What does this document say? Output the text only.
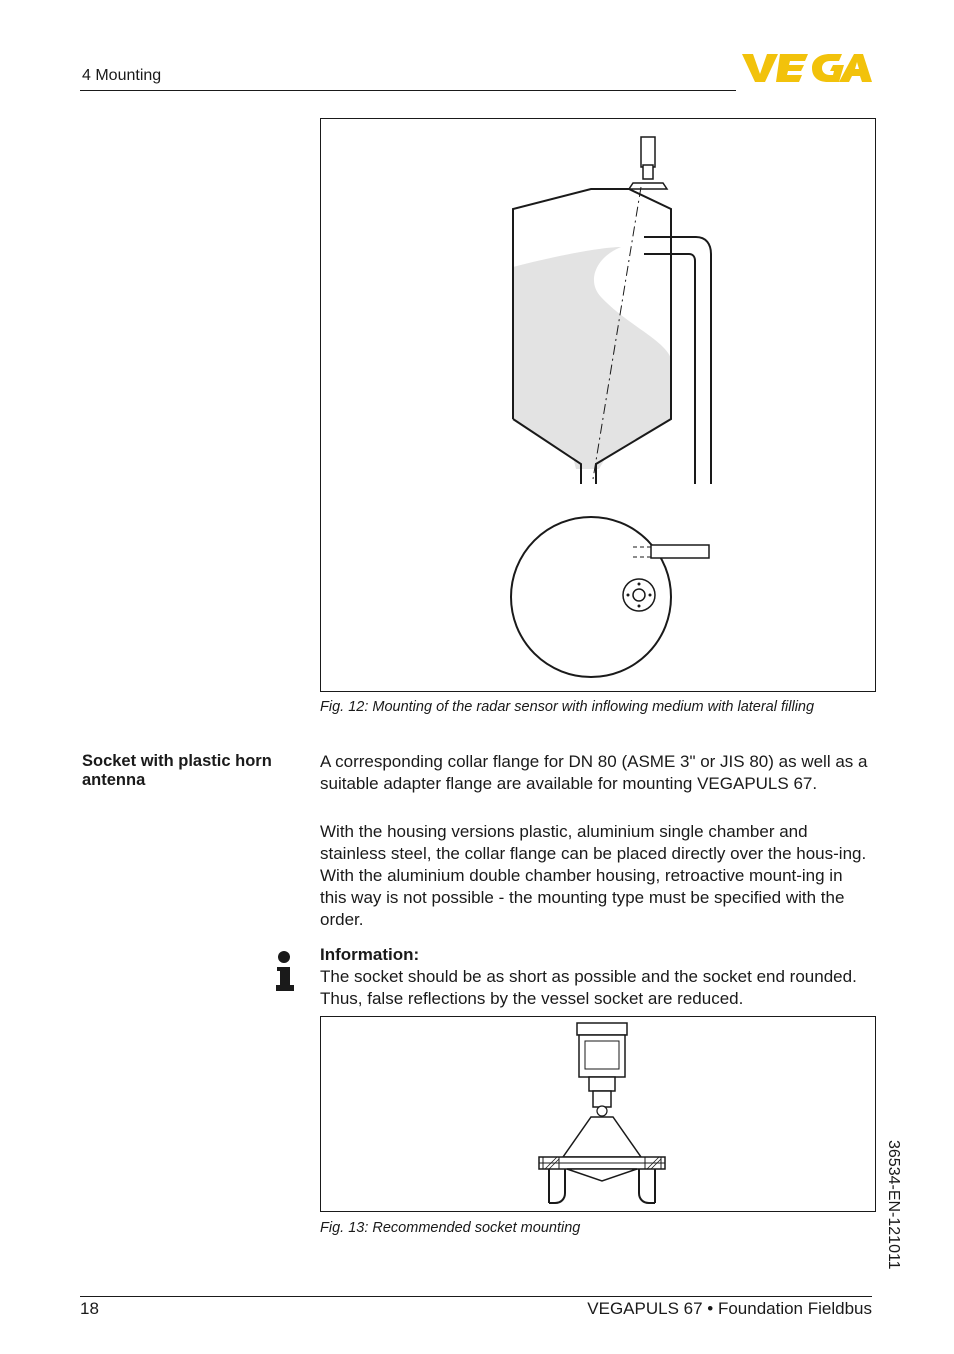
4 Mounting
Fig. 12: Mounting of the radar sensor with inflowing medium with lateral filling
Socket with plastic horn antenna
A corresponding collar flange for DN 80 (ASME 3" or JIS 80) as well as a suitable adapter flange are available for mounting VEGAPULS 67.
With the housing versions plastic, aluminium single chamber and stainless steel, the collar flange can be placed directly over the hous-ing. With the aluminium double chamber housing, retroactive mount-ing in this way is not possible - the mounting type must be specified with the order.
Information:
The socket should be as short as possible and the socket end rounded. Thus, false reflections by the vessel socket are reduced.
Fig. 13: Recommended socket mounting	36534-EN-121011
18	VEGAPULS 67 • Foundation Fieldbus
